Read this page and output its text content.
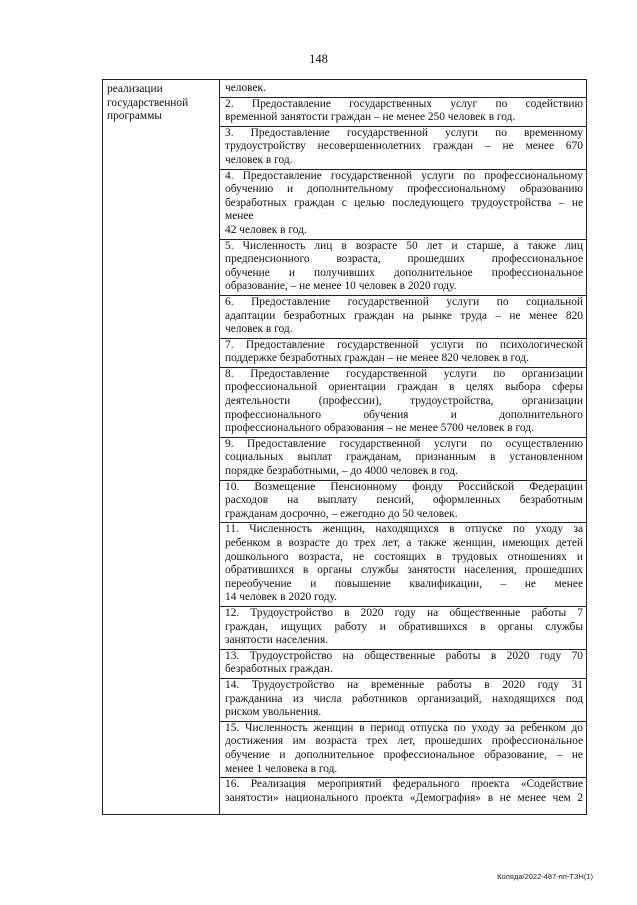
148
реализации
государственной
программы
человек.
2. Предоставление государственных услуг по содействию
временной занятости граждан – не менее 250 человек в год.
3. Предоставление государственной услуги по временному
трудоустройству несовершеннолетних граждан – не менее 670
человек в год.
4. Предоставление государственной услуги по профессиональному
обучению и дополнительному профессиональному образованию
безработных граждан с целью последующего трудоустройства – не
менее
42 человек в год.
5. Численность лиц в возрасте 50 лет и старше, а также лиц
предпенсионного возраста, прошедших профессиональное
обучение и получивших дополнительное профессиональное
образование, – не менее 10 человек в 2020 году.
6. Предоставление государственной услуги по социальной
адаптации безработных граждан на рынке труда – не менее 820
человек в год.
7. Предоставление государственной услуги по психологической
поддержке безработных граждан – не менее 820 человек в год.
8. Предоставление государственной услуги по организации
профессиональной ориентации граждан в целях выбора сферы
деятельности (профессии), трудоустройства, организации
профессионального обучения и дополнительного
профессионального образования – не менее 5700 человек в год.
9. Предоставление государственной услуги по осуществлению
социальных выплат гражданам, признанным в установленном
порядке безработными, – до 4000 человек в год.
10. Возмещение Пенсионному фонду Российской Федерации
расходов на выплату пенсий, оформленных безработным
гражданам досрочно, – ежегодно до 50 человек.
11. Численность женщин, находящихся в отпуске по уходу за
ребенком в возрасте до трех лет, а также женщин, имеющих детей
дошкольного возраста, не состоящих в трудовых отношениях и
обратившихся в органы службы занятости населения, прошедших
переобучение и повышение квалификации, – не менее
14 человек в 2020 году.
12. Трудоустройство в 2020 году на общественные работы 7
граждан, ищущих работу и обратившихся в органы службы
занятости населения.
13. Трудоустройство на общественные работы в 2020 году 70
безработных граждан.
14. Трудоустройство на временные работы в 2020 году 31
гражданина из числа работников организаций, находящихся под
риском увольнения.
15. Численность женщин в период отпуска по уходу за ребенком до
достижения им возраста трех лет, прошедших профессиональное
обучение и дополнительное профессиональное образование, – не
менее 1 человека в год.
16. Реализация мероприятий федерального проекта «Содействие
занятости» национального проекта «Демография» в не менее чем 2
Коляда/2022-487-пп-ТЗН(1)
